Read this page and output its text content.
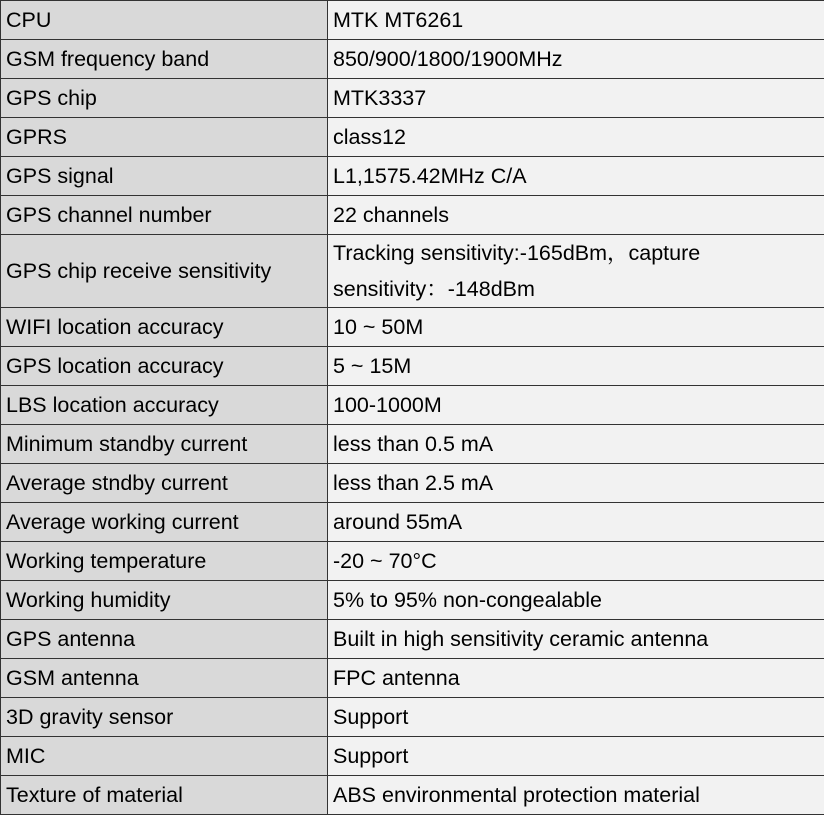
CPU	MTK MT6261
GSM frequency band	850/900/1800/1900MHz
GPS chip	MTK3337
GPRS	class12
GPS signal	L1,1575.42MHz C/A
GPS channel number	22 channels
GPS chip receive sensitivity	Tracking sensitivity:-165dBm，capture sensitivity：-148dBm
WIFI location accuracy	10 ~ 50M
GPS location accuracy	5 ~ 15M
LBS location accuracy	100-1000M
Minimum standby current	less than 0.5 mA
Average stndby current	less than 2.5 mA
Average working current	around 55mA
Working temperature	-20 ~ 70°C
Working humidity	5% to 95% non-congealable
GPS antenna	Built in high sensitivity ceramic antenna
GSM antenna	FPC antenna
3D gravity sensor	Support
MIC	Support
Texture of material	ABS environmental protection material
